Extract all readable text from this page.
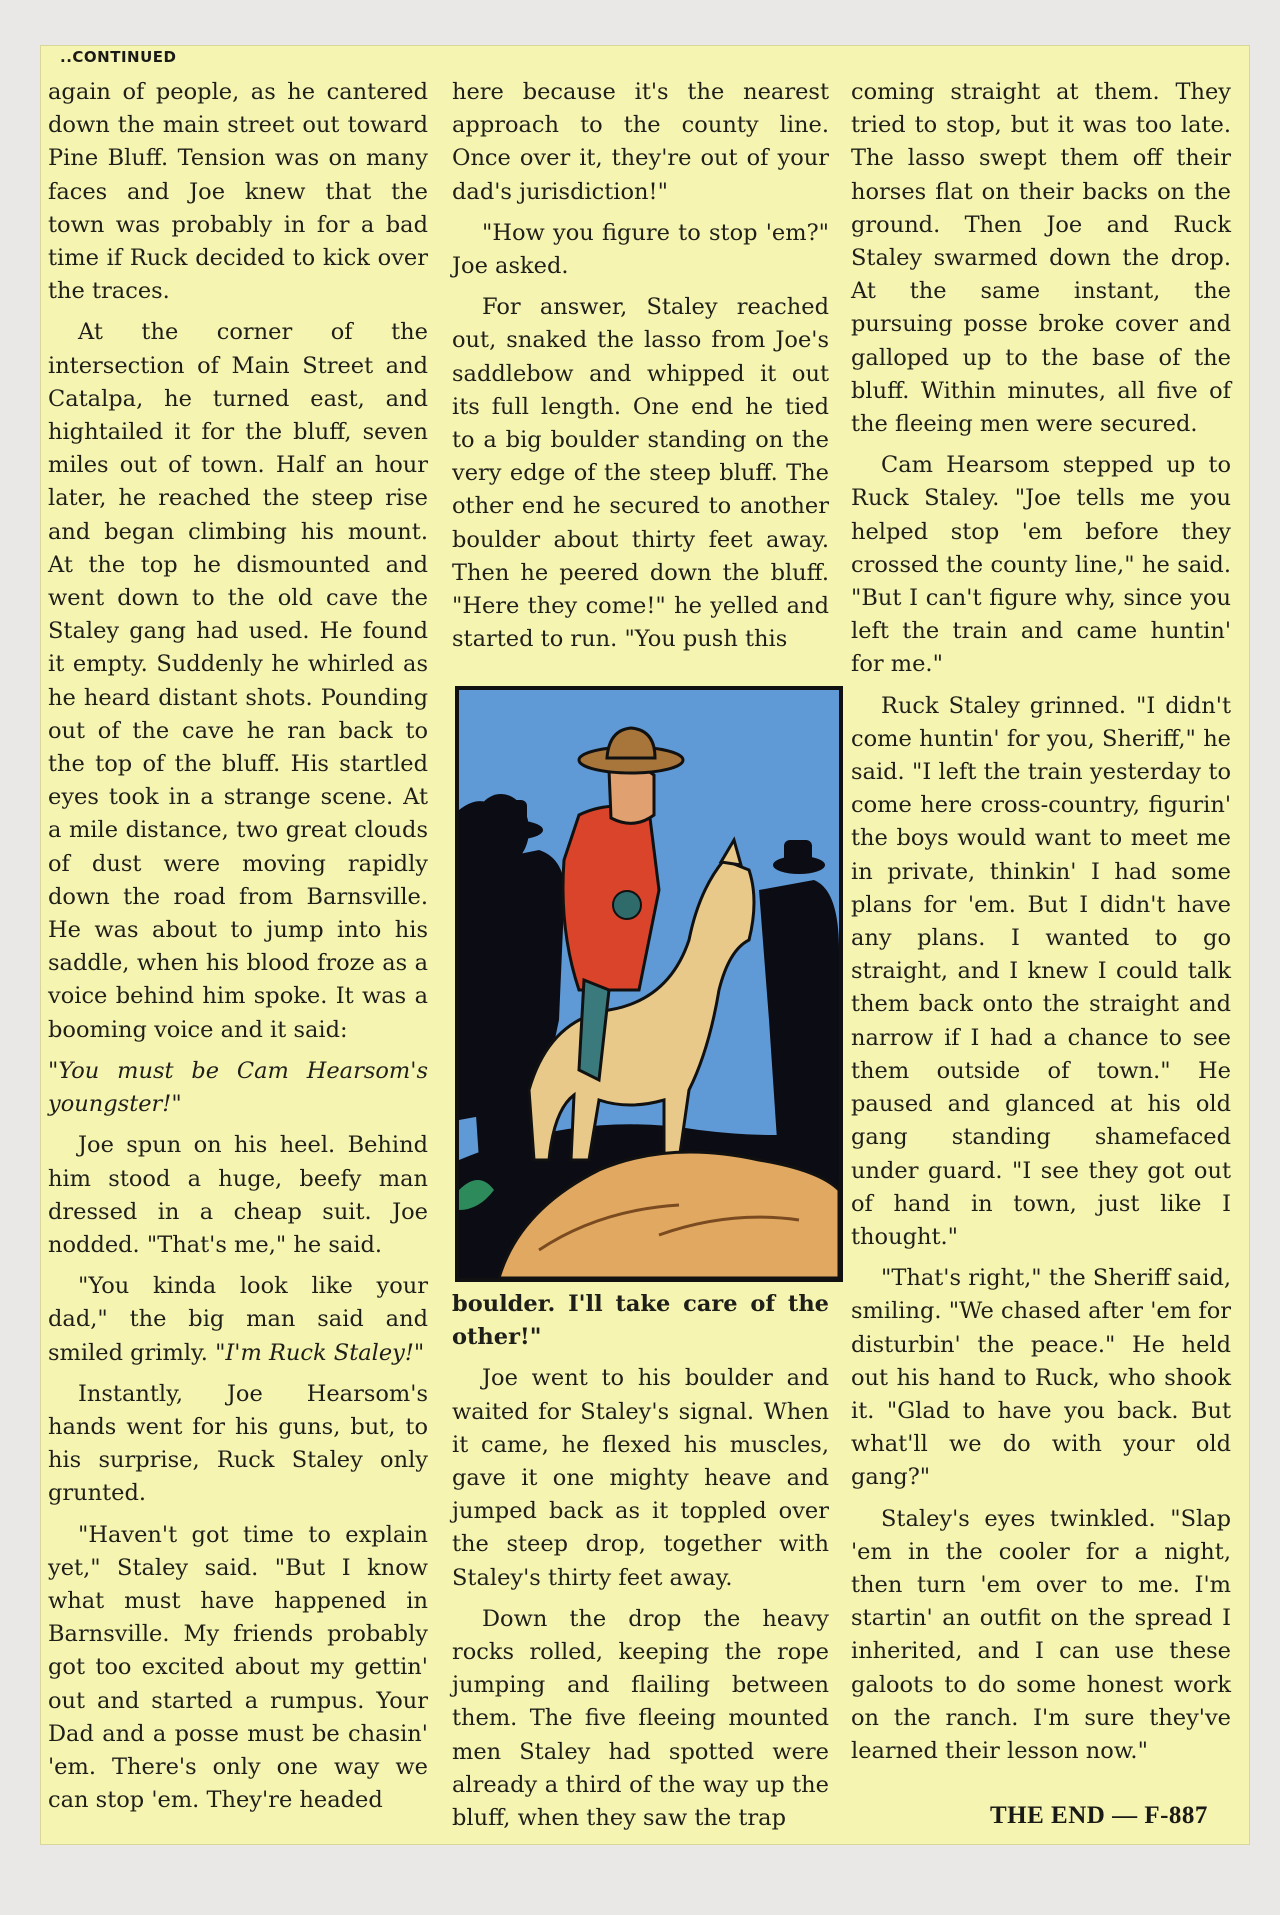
..CONTINUED

again of people, as he cantered down the main street out toward Pine Bluff. Tension was on many faces and Joe knew that the town was probably in for a bad time if Ruck decided to kick over the traces.

At the corner of the intersection of Main Street and Catalpa, he turned east, and hightailed it for the bluff, seven miles out of town. Half an hour later, he reached the steep rise and began climbing his mount. At the top he dismounted and went down to the old cave the Staley gang had used. He found it empty. Suddenly he whirled as he heard distant shots. Pounding out of the cave he ran back to the top of the bluff. His startled eyes took in a strange scene. At a mile distance, two great clouds of dust were moving rapidly down the road from Barnsville. He was about to jump into his saddle, when his blood froze as a voice behind him spoke. It was a booming voice and it said:

"You must be Cam Hearsom's youngster!"

Joe spun on his heel. Behind him stood a huge, beefy man dressed in a cheap suit. Joe nodded. "That's me," he said.

"You kinda look like your dad," the big man said and smiled grimly. "I'm Ruck Staley!"

Instantly, Joe Hearsom's hands went for his guns, but, to his surprise, Ruck Staley only grunted.

"Haven't got time to explain yet," Staley said. "But I know what must have happened in Barnsville. My friends probably got too excited about my gettin' out and started a rumpus. Your Dad and a posse must be chasin' 'em. There's only one way we can stop 'em. They're headed

here because it's the nearest approach to the county line. Once over it, they're out of your dad's jurisdiction!"

"How you figure to stop 'em?" Joe asked.

For answer, Staley reached out, snaked the lasso from Joe's saddlebow and whipped it out its full length. One end he tied to a big boulder standing on the very edge of the steep bluff. The other end he secured to another boulder about thirty feet away. Then he peered down the bluff. "Here they come!" he yelled and started to run. "You push this

boulder. I'll take care of the other!"

Joe went to his boulder and waited for Staley's signal. When it came, he flexed his muscles, gave it one mighty heave and jumped back as it toppled over the steep drop, together with Staley's thirty feet away.

Down the drop the heavy rocks rolled, keeping the rope jumping and flailing between them. The five fleeing mounted men Staley had spotted were already a third of the way up the bluff, when they saw the trap

coming straight at them. They tried to stop, but it was too late. The lasso swept them off their horses flat on their backs on the ground. Then Joe and Ruck Staley swarmed down the drop. At the same instant, the pursuing posse broke cover and galloped up to the base of the bluff. Within minutes, all five of the fleeing men were secured.

Cam Hearsom stepped up to Ruck Staley. "Joe tells me you helped stop 'em before they crossed the county line," he said. "But I can't figure why, since you left the train and came huntin' for me."

Ruck Staley grinned. "I didn't come huntin' for you, Sheriff," he said. "I left the train yesterday to come here cross-country, figurin' the boys would want to meet me in private, thinkin' I had some plans for 'em. But I didn't have any plans. I wanted to go straight, and I knew I could talk them back onto the straight and narrow if I had a chance to see them outside of town." He paused and glanced at his old gang standing shamefaced under guard. "I see they got out of hand in town, just like I thought."

"That's right," the Sheriff said, smiling. "We chased after 'em for disturbin' the peace." He held out his hand to Ruck, who shook it. "Glad to have you back. But what'll we do with your old gang?"

Staley's eyes twinkled. "Slap 'em in the cooler for a night, then turn 'em over to me. I'm startin' an outfit on the spread I inherited, and I can use these galoots to do some honest work on the ranch. I'm sure they've learned their lesson now."

THE END — F-887
